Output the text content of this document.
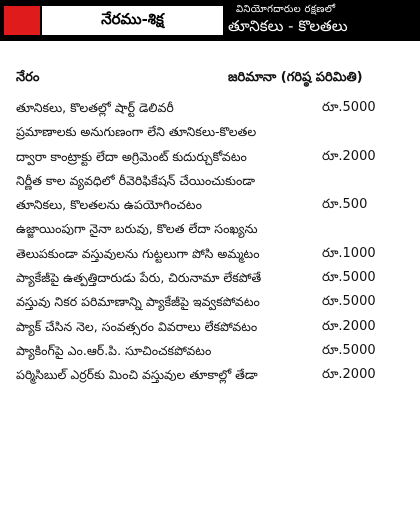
నేరము-శిక్ష	వినియోగదారుల రక్షణలో
తూనికలు - కొలతలు
నేరం	జరిమానా (గరిష్ఠ పరిమితి)
తూనికలు, కొలతల్లో షార్ట్ డెలివరీ	రూ.5000
ప్రమాణాలకు అనుగుణంగా లేని తూనికలు-కొలతల
ద్వారా కాంట్రాక్టు లేదా అగ్రిమెంట్ కుదుర్చుకోవటం	రూ.2000
నిర్ణీత కాల వ్యవధిలో రీవెరిఫికేషన్ చేయించుకుండా
తూనికలు, కొలతలను ఉపయోగించటం	రూ.500
ఉజ్జాయింపుగా నైనా బరువు, కొలత లేదా సంఖ్యను
తెలుపకుండా వస్తువులను గుట్టలుగా పోసి అమ్మటం	రూ.1000
ప్యాకేజీపై ఉత్పత్తిదారుడు పేరు, చిరునామా లేకపోతే	రూ.5000
వస్తువు నికర పరిమాణాన్ని ప్యాకేజీపై ఇవ్వకపోవటం	రూ.5000
ప్యాక్ చేసిన నెల, సంవత్సరం వివరాలు లేకపోవటం	రూ.2000
ప్యాకింగ్‌పై ఎం.ఆర్.పి. సూచించకపోవటం	రూ.5000
పర్మిసిబుల్ ఎర్రర్‌కు మించి వస్తువుల తూకాల్లో తేడా	రూ.2000
